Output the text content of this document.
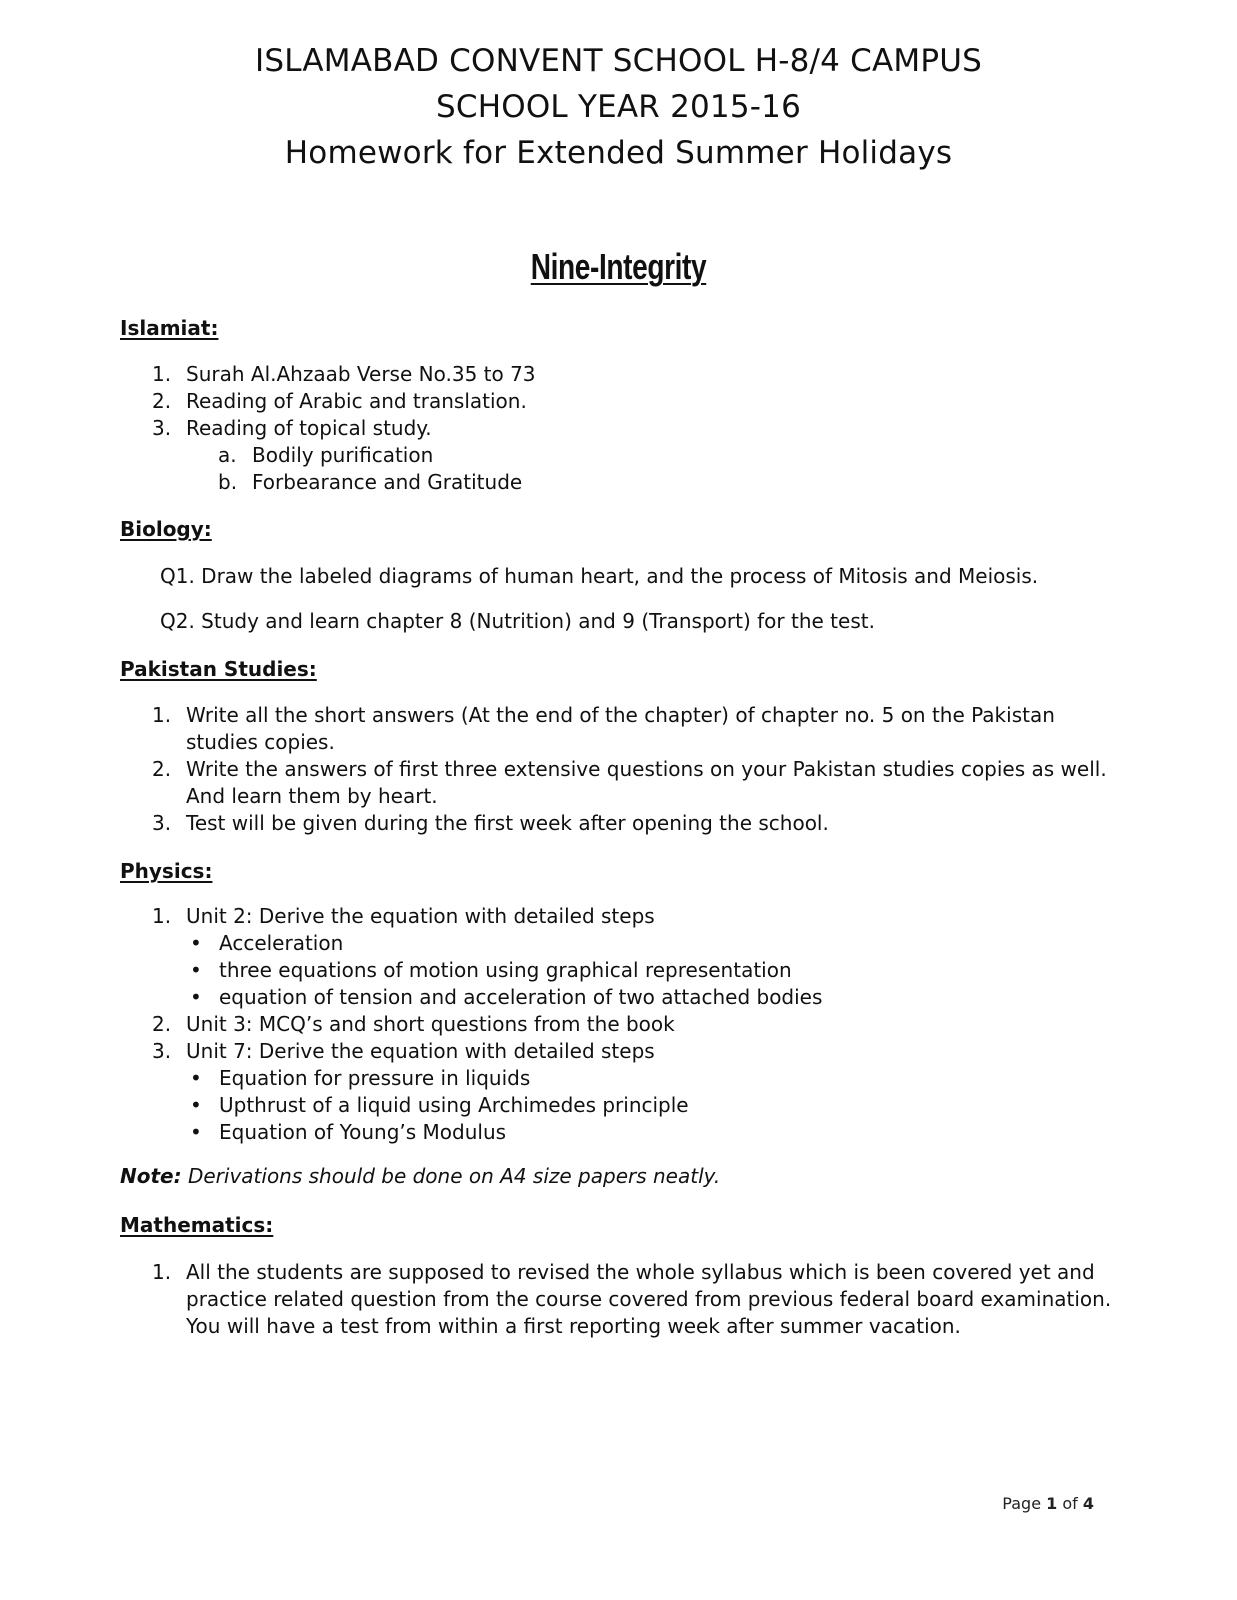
ISLAMABAD CONVENT SCHOOL H-8/4 CAMPUS
SCHOOL YEAR 2015-16
Homework for Extended Summer Holidays
Nine-Integrity
Islamiat:
1. Surah Al.Ahzaab Verse No.35 to 73
2. Reading of Arabic and translation.
3. Reading of topical study.
a. Bodily purification
b. Forbearance and Gratitude
Biology:
Q1. Draw the labeled diagrams of human heart, and the process of Mitosis and Meiosis.
Q2. Study and learn chapter 8 (Nutrition) and 9 (Transport) for the test.
Pakistan Studies:
1. Write all the short answers (At the end of the chapter) of chapter no. 5 on the Pakistan
studies copies.
2. Write the answers of first three extensive questions on your Pakistan studies copies as well.
And learn them by heart.
3. Test will be given during the first week after opening the school.
Physics:
1. Unit 2: Derive the equation with detailed steps
• Acceleration
• three equations of motion using graphical representation
• equation of tension and acceleration of two attached bodies
2. Unit 3: MCQ’s and short questions from the book
3. Unit 7: Derive the equation with detailed steps
• Equation for pressure in liquids
• Upthrust of a liquid using Archimedes principle
• Equation of Young’s Modulus
Note: Derivations should be done on A4 size papers neatly.
Mathematics:
1. All the students are supposed to revised the whole syllabus which is been covered yet and
practice related question from the course covered from previous federal board examination.
You will have a test from within a first reporting week after summer vacation.
Page 1 of 4
